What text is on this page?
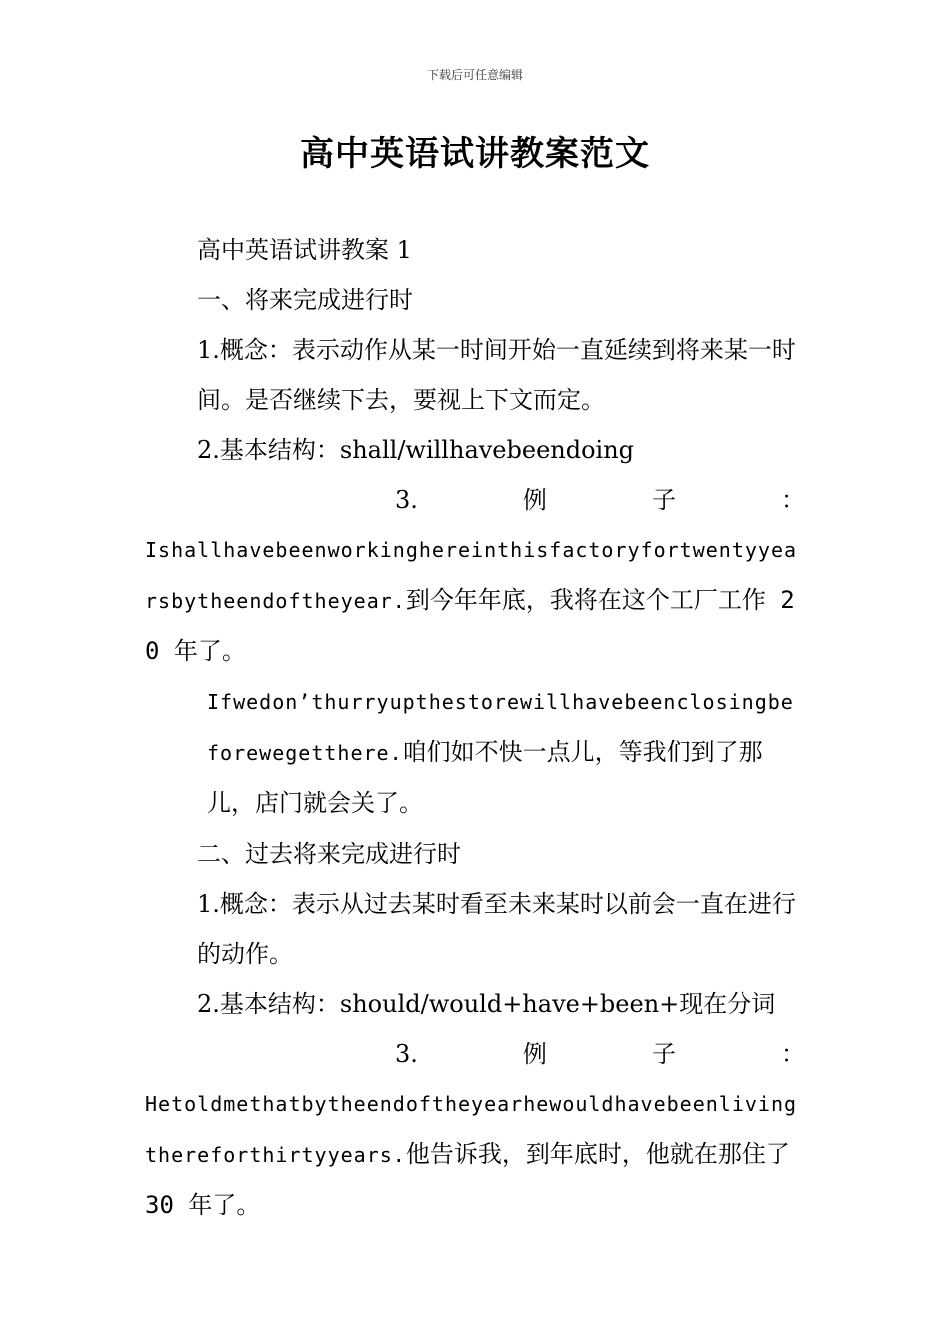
下载后可任意编辑
高中英语试讲教案范文

高中英语试讲教案 1

一、将来完成进行时

1.概念：表示动作从某一时间开始一直延续到将来某一时间。是否继续下去，要视上下文而定。

2.基本结构：shall/willhavebeendoing

3.例子：

Ishallhavebeenworkinghereinthisfactoryfortwentyyearsbytheendoftheyear.到今年年底，我将在这个工厂工作 20 年了。

Ifwedon’thurryupthestorewillhavebeenclosingbeforewegetthere.咱们如不快一点儿，等我们到了那儿，店门就会关了。

二、过去将来完成进行时

1.概念：表示从过去某时看至未来某时以前会一直在进行的动作。

2.基本结构：should/would+have+been+现在分词

3.例子：

Hetoldmethatbytheendoftheyearhewouldhavebeenlivingthereforthirtyyears.他告诉我，到年底时，他就在那住了 30 年了。
